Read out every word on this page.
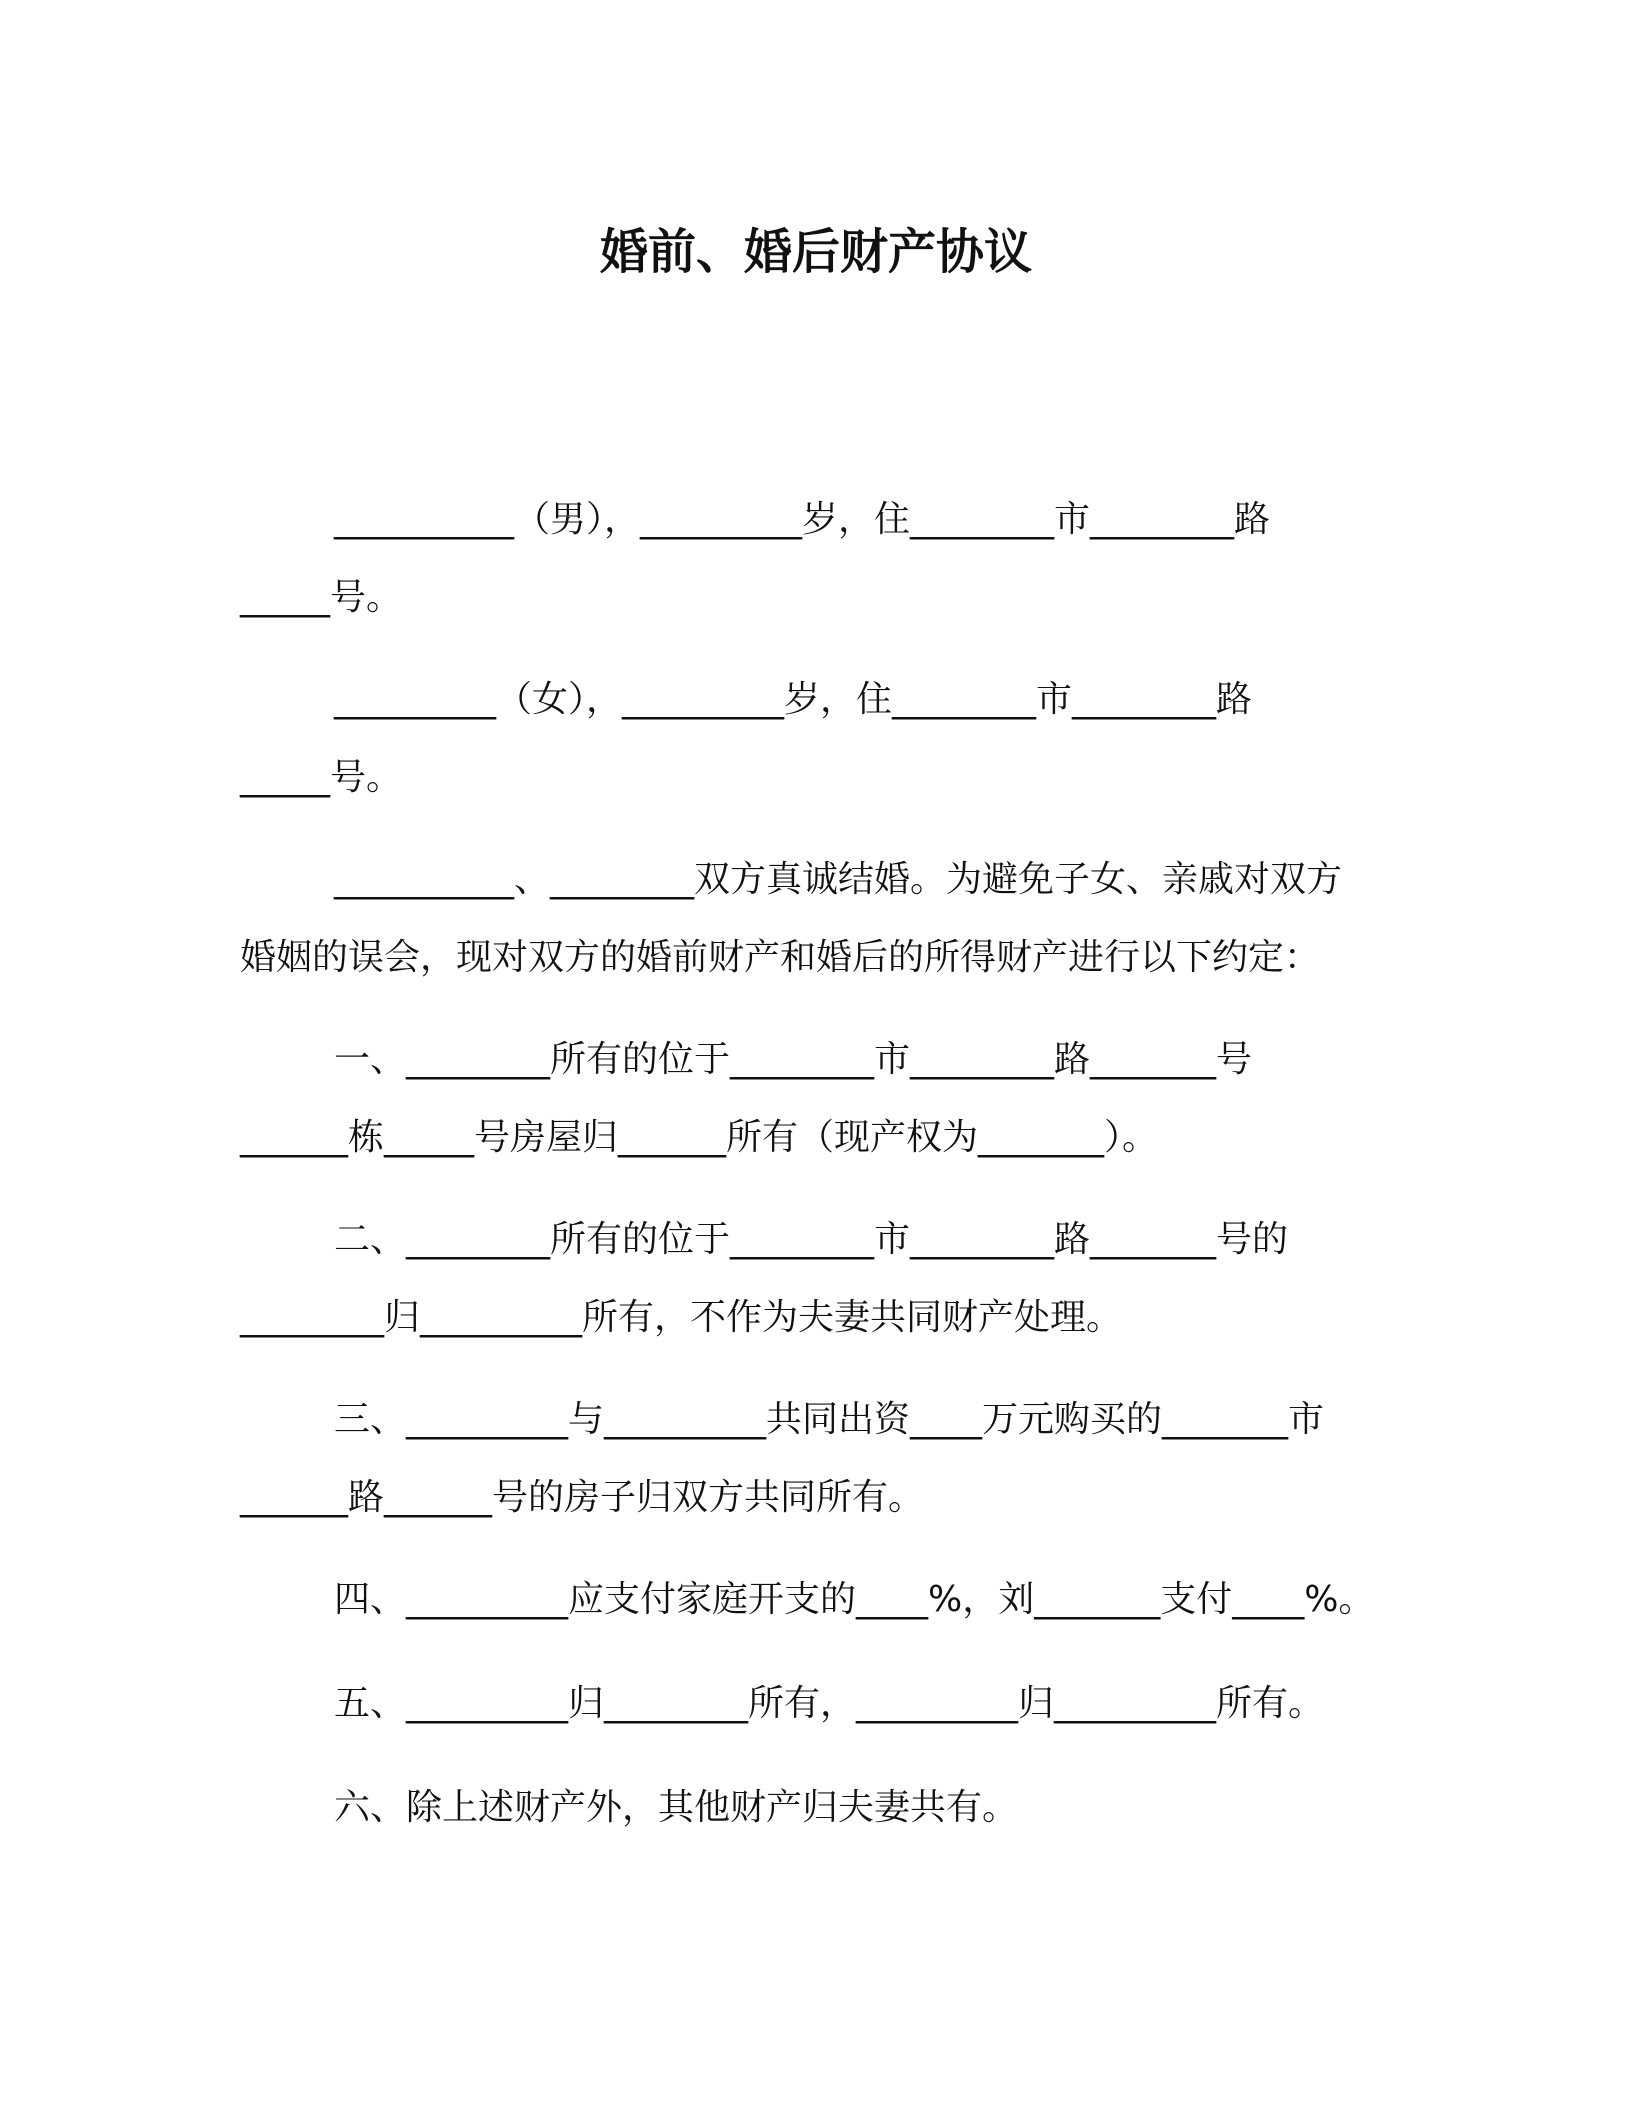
婚前、婚后财产协议
__________（男），_________岁，住________市________路
_____号。
_________（女），_________岁，住________市________路
_____号。
__________、________双方真诚结婚。为避免子女、亲戚对双方
婚姻的误会，现对双方的婚前财产和婚后的所得财产进行以下约定：
一、________所有的位于________市________路_______号
______栋_____号房屋归______所有（现产权为_______）。
二、________所有的位于________市________路_______号的
________归_________所有，不作为夫妻共同财产处理。
三、_________与_________共同出资____万元购买的_______市
______路______号的房子归双方共同所有。
四、_________应支付家庭开支的____%，刘_______支付____%。
五、_________归________所有，_________归_________所有。
六、除上述财产外，其他财产归夫妻共有。
